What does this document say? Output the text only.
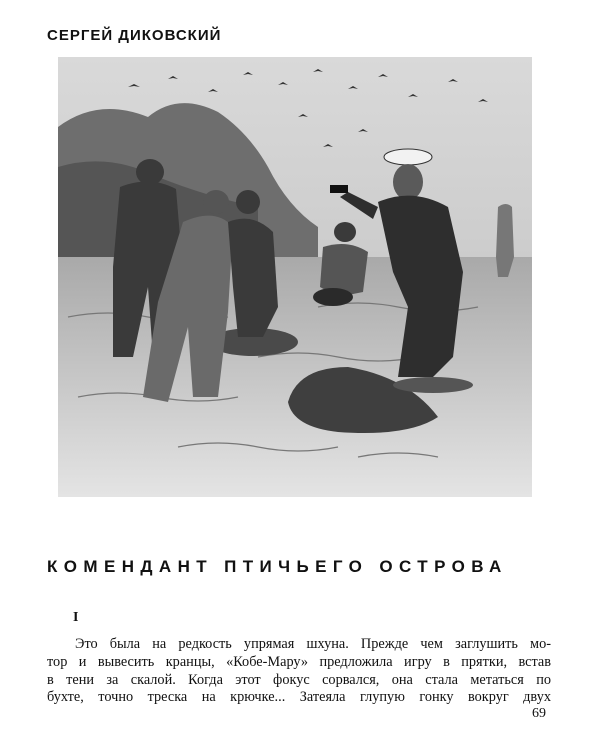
СЕРГЕЙ ДИКОВСКИЙ
КОМЕНДАНТ ПТИЧЬЕГО ОСТРОВА
I
Это была на редкость упрямая шхуна. Прежде чем заглушить мо-
тор и вывесить кранцы, «Кобе-Мару» предложила игру в прятки, встав
в тени за скалой. Когда этот фокус сорвался, она стала метаться по
бухте, точно треска на крючке... Затеяла глупую гонку вокруг двух
69
